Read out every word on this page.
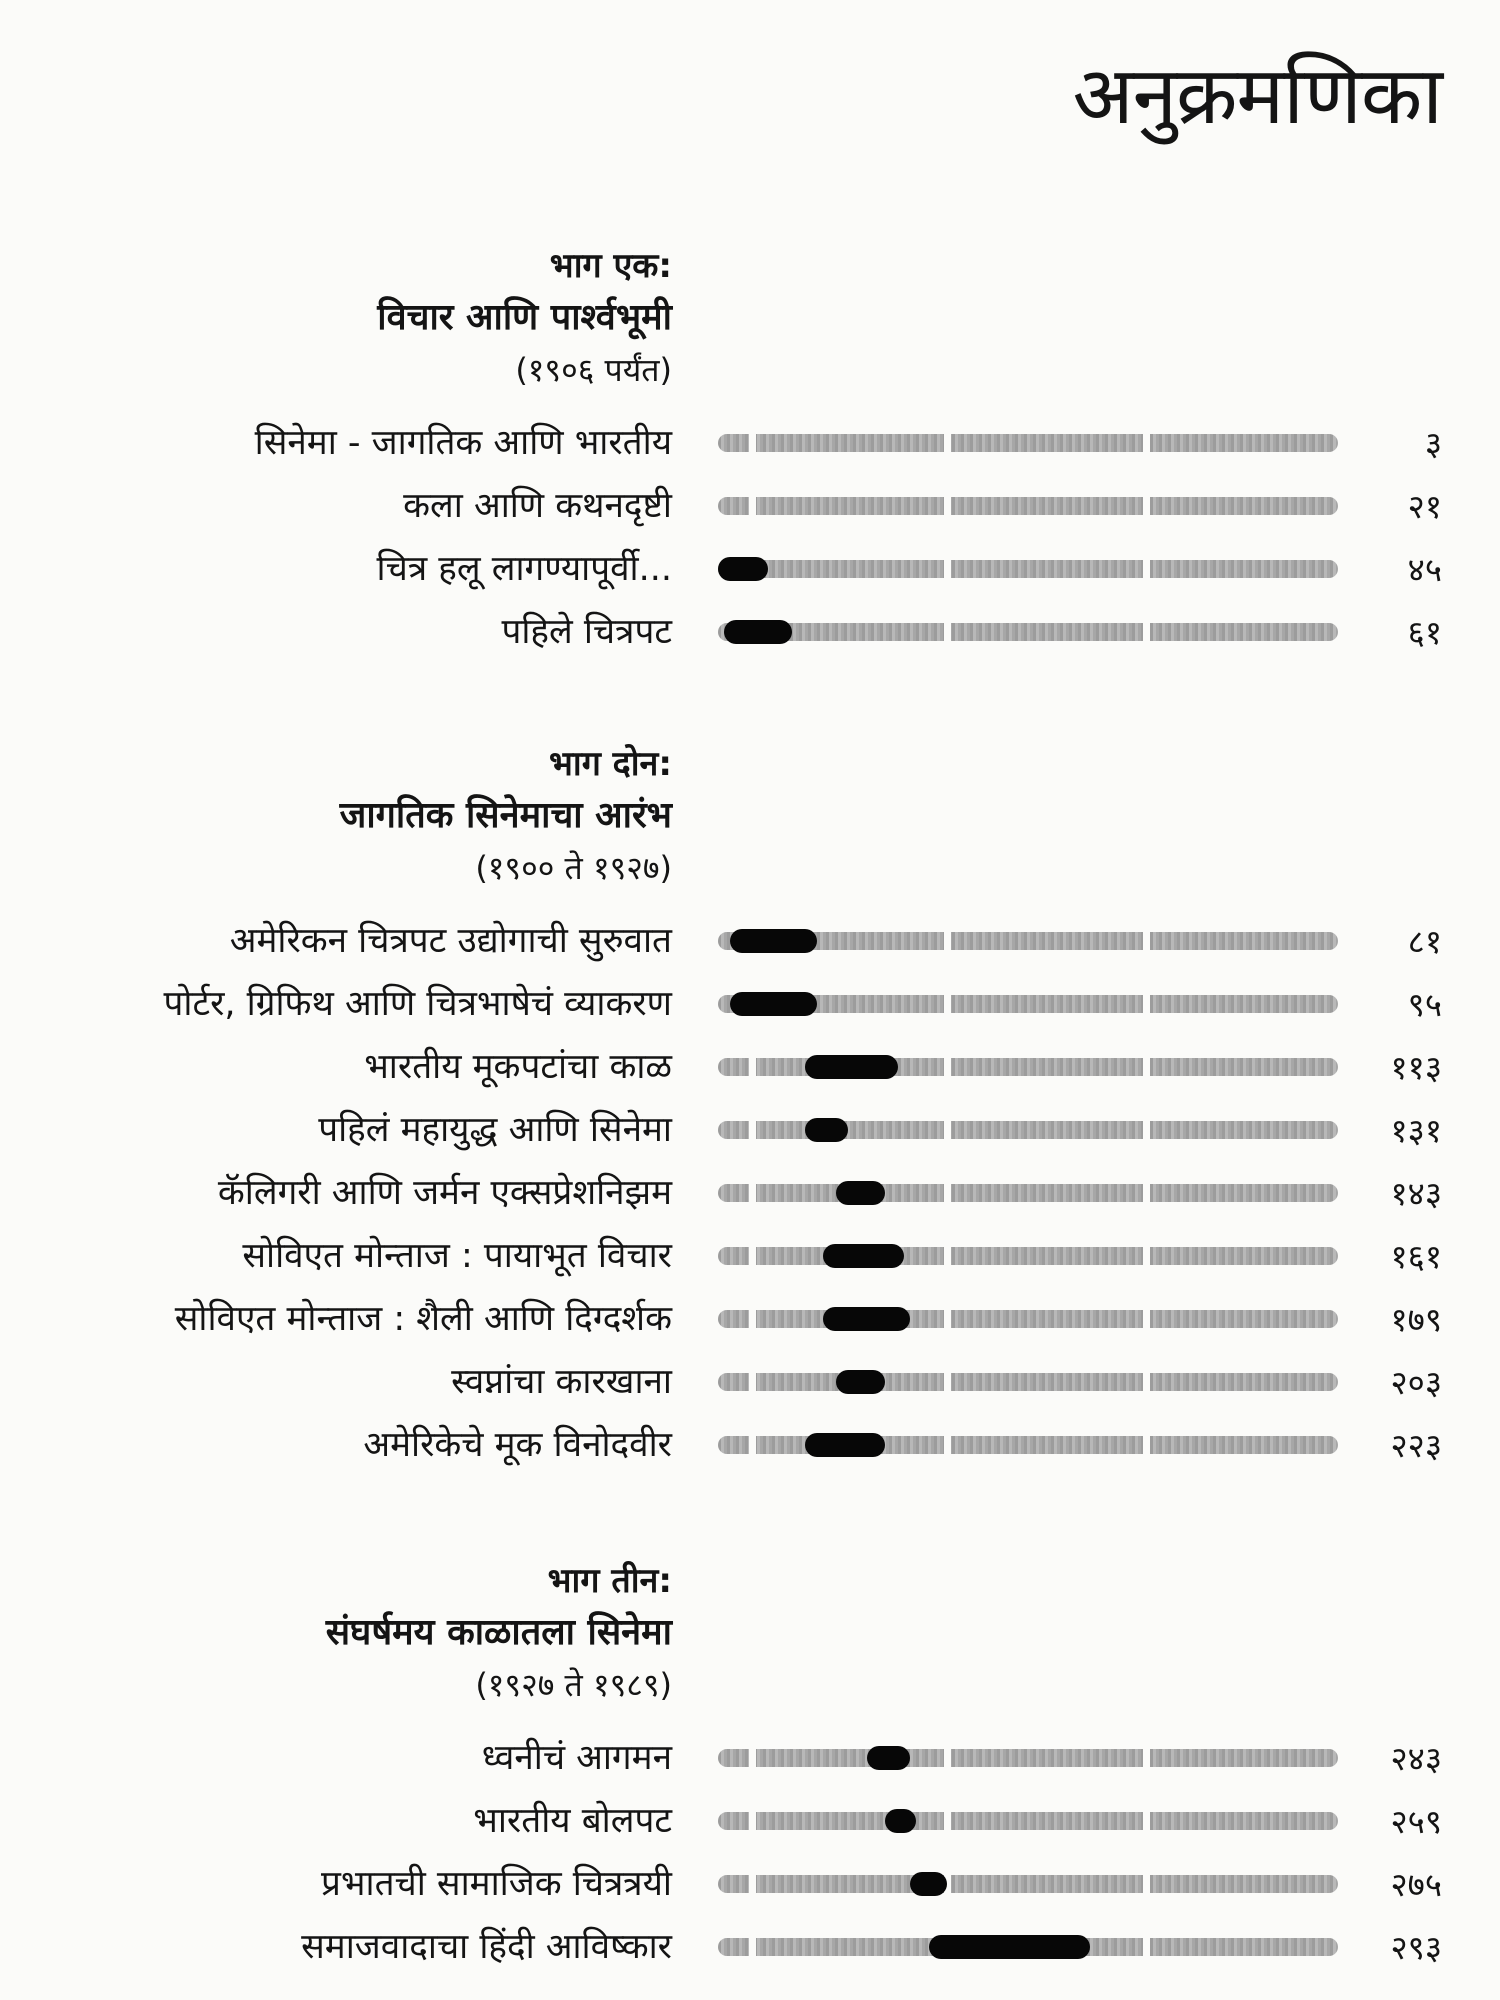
अनुक्रमणिका
भाग एक:
विचार आणि पार्श्वभूमी
(१९०६ पर्यंत)
सिनेमा - जागतिक आणि भारतीय	३
कला आणि कथनदृष्टी	२१
चित्र हलू लागण्यापूर्वी...	४५
पहिले चित्रपट	६१
भाग दोन:
जागतिक सिनेमाचा आरंभ
(१९०० ते १९२७)
अमेरिकन चित्रपट उद्योगाची सुरुवात	८१
पोर्टर, ग्रिफिथ आणि चित्रभाषेचं व्याकरण	९५
भारतीय मूकपटांचा काळ	११३
पहिलं महायुद्ध आणि सिनेमा	१३१
कॅलिगरी आणि जर्मन एक्सप्रेशनिझम	१४३
सोविएत मोन्ताज : पायाभूत विचार	१६१
सोविएत मोन्ताज : शैली आणि दिग्दर्शक	१७९
स्वप्नांचा कारखाना	२०३
अमेरिकेचे मूक विनोदवीर	२२३
भाग तीन:
संघर्षमय काळातला सिनेमा
(१९२७ ते १९८९)
ध्वनीचं आगमन	२४३
भारतीय बोलपट	२५९
प्रभातची सामाजिक चित्रत्रयी	२७५
समाजवादाचा हिंदी आविष्कार	२९३
